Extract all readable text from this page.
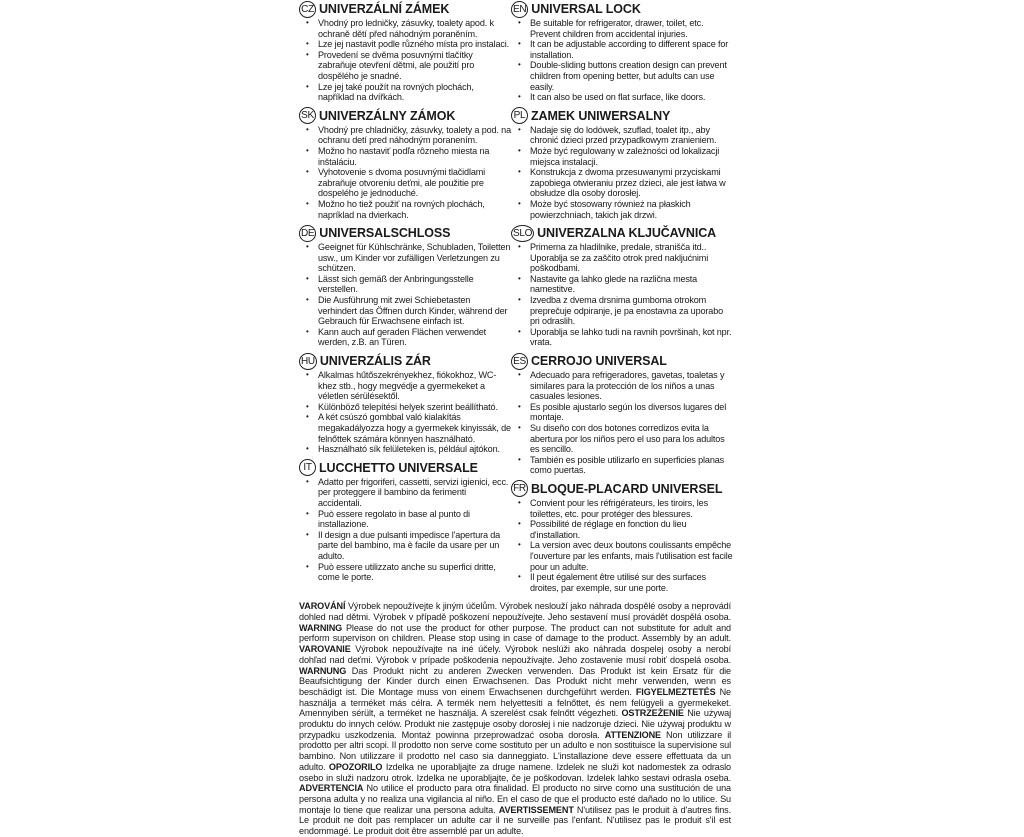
CZ UNIVERZÁLNÍ ZÁMEK
• Vhodný pro ledničky, zásuvky, toalety apod. k ochraně dětí před náhodným poraněním.
• Lze jej nastavit podle různého místa pro instalaci.
• Provedení se dvěma posuvnými tlačítky zabraňuje otevření dětmi, ale použití pro dospělého je snadné.
• Lze jej také použít na rovných plochách, například na dvířkách.
SK UNIVERZÁLNY ZÁMOK
• Vhodný pre chladničky, zásuvky, toalety a pod. na ochranu detí pred náhodným poranením.
• Možno ho nastaviť podľa rôzneho miesta na inštaláciu.
• Vyhotovenie s dvoma posuvnými tlačidlami zabraňuje otvoreniu deťmi, ale použitie pre dospelého je jednoduché.
• Možno ho tiež použiť na rovných plochách, napríklad na dvierkach.
DE UNIVERSALSCHLOSS
• Geeignet für Kühlschränke, Schubladen, Toiletten usw., um Kinder vor zufälligen Verletzungen zu schützen.
• Lässt sich gemäß der Anbringungsstelle verstellen.
• Die Ausführung mit zwei Schiebetasten verhindert das Öffnen durch Kinder, während der Gebrauch für Erwachsene einfach ist.
• Kann auch auf geraden Flächen verwendet werden, z.B. an Türen.
HU UNIVERZÁLIS ZÁR
• Alkalmas hűtőszekrényekhez, fiókokhoz, WC-khez stb., hogy megvédje a gyermekeket a véletlen sérülésektől.
• Különböző telepítési helyek szerint beállítható.
• A két csúszó gombbal való kialakítás megakadályozza hogy a gyermekek kinyissák, de felnőttek számára könnyen használható.
• Használható sík felületeken is, például ajtókon.
IT LUCCHETTO UNIVERSALE
• Adatto per frigoriferi, cassetti, servizi igienici, ecc. per proteggere il bambino da ferimenti accidentali.
• Può essere regolato in base al punto di installazione.
• Il design a due pulsanti impedisce l'apertura da parte del bambino, ma è facile da usare per un adulto.
• Può essere utilizzato anche su superfici dritte, come le porte.
EN UNIVERSAL LOCK
• Be suitable for refrigerator, drawer, toilet, etc. Prevent children from accidental injuries.
• It can be adjustable according to different space for installation.
• Double-sliding buttons creation design can prevent children from opening better, but adults can use easily.
• It can also be used on flat surface, like doors.
PL ZAMEK UNIWERSALNY
• Nadaje się do lodówek, szuflad, toalet itp., aby chronić dzieci przed przypadkowym zranieniem.
• Może być regulowany w zależności od lokalizacji miejsca instalacji.
• Konstrukcja z dwoma przesuwanymi przyciskami zapobiega otwieraniu przez dzieci, ale jest łatwa w obsłudze dla osoby dorosłej.
• Może być stosowany również na płaskich powierzchniach, takich jak drzwi.
SLO UNIVERZALNA KLJUČAVNICA
• Primerna za hladilnike, predale, stranišča itd.. Uporablja se za zaščito otrok pred nakljućnimi poškodbami.
• Nastavite ga lahko glede na različna mesta namestitve.
• Izvedba z dvema drsnima gumboma otrokom preprečuje odpiranje, je pa enostavna za uporabo pri odraslih.
• Uporablja se lahko tudi na ravnih površinah, kot npr. vrata.
ES CERROJO UNIVERSAL
• Adecuado para refrigeradores, gavetas, toaletas y similares para la protección de los niños a unas casuales lesiones.
• Es posible ajustarlo según los diversos lugares del montaje.
• Su diseño con dos botones corredizos evita la abertura por los niños pero el uso para los adultos es sencillo.
• También es posible utilizarlo en superficies planas como puertas.
FR BLOQUE-PLACARD UNIVERSEL
• Convient pour les réfrigérateurs, les tiroirs, les toilettes, etc. pour protéger des blessures.
• Possibilité de réglage en fonction du lieu d'installation.
• La version avec deux boutons coulissants empêche l'ouverture par les enfants, mais l'utilisation est facile pour un adulte.
• Il peut également être utilisé sur des surfaces droites, par exemple, sur une porte.
VAROVÁNÍ Výrobek nepoužívejte k jiným účelům. Výrobek neslouží jako náhrada dospělé osoby a neprovádí dohled nad dětmi. Výrobek v případě poškození nepoužívejte. Jeho sestavení musí provádět dospělá osoba. WARNING Please do not use the product for other purpose. The product can not substitute for adult and perform supervison on children. Please stop using in case of damage to the product. Assembly by an adult. VAROVANIE Výrobok nepoužívajte na iné účely. Výrobok neslúži ako náhrada dospelej osoby a nerobí dohľad nad deťmi. Výrobok v prípade poškodenia nepoužívajte. Jeho zostavenie musí robiť dospelá osoba. WARNUNG Das Produkt nicht zu anderen Zwecken verwenden. Das Produkt ist kein Ersatz für die Beaufsichtigung der Kinder durch einen Erwachsenen. Das Produkt nicht mehr verwenden, wenn es beschädigt ist. Die Montage muss von einem Erwachsenen durchgeführt werden. FIGYELMEZTETÉS Ne használja a terméket más célra. A termék nem helyettesíti a felnőttet, és nem felügyeli a gyermekeket. Amennyiben sérült, a terméket ne használja. A szerelést csak felnőtt végezheti. OSTRZEŻENIE Nie używaj produktu do innych celów. Produkt nie zastępuje osoby dorosłej i nie nadzoruje dzieci. Nie używaj produktu w przypadku uszkodzenia. Montaż powinna przeprowadzać osoba dorosła. ATTENZIONE Non utilizzare il prodotto per altri scopi. Il prodotto non serve come sostituto per un adulto e non sostituisce la supervisione sul bambino. Non utilizzare il prodotto nel caso sia danneggiato. L'installazione deve essere effettuata da un adulto. OPOZORILO Izdelka ne uporabljajte za druge namene. Izdelek ne služi kot nadomestek za odraslo osebo in služi nadzoru otrok. Izdelka ne uporabljajte, če je poškodovan. Izdelek lahko sestavi odrasla oseba. ADVERTENCIA No utilice el producto para otra finalidad. El producto no sirve como una sustitución de una persona adulta y no realiza una vigilancia al niño. En el caso de que el producto esté dañado no lo utilice. Su montaje lo tiene que realizar una persona adulta. AVERTISSEMENT N'utilisez pas le produit à d'autres fins. Le produit ne doit pas remplacer un adulte car il ne surveille pas l'enfant. N'utilisez pas le produit s'il est endommagé. Le produit doit être assemblé par un adulte.
